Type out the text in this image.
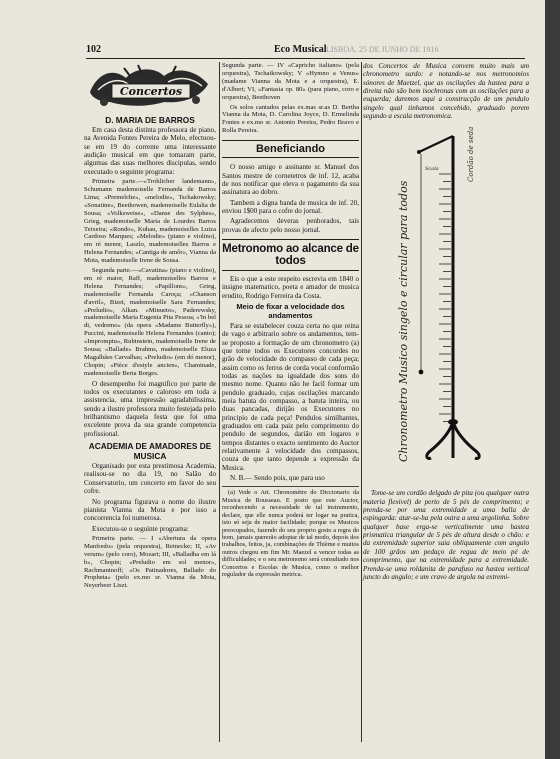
102	Eco Musical LISBOA, 25 DE JUNHO DE 1916
Concertos
D. MARIA DE BARROS

Em casa desta distinta professora de piano, na Avenida Fontes Pereira de Melo, efectuou-se em 19 do corrente uma interessante audição musical em que tomaram parte, algumas das suas melhores discipulas, sendo executado o seguinte programa:

Primeira parte.—«Trohlicher landemann», Schumann mademoiselle Fernanda de Barros Lima; «Premelche», «melodie», Tschakowsky; «Sonatine», Beethowen, mademoiselle Eulalia de Sousa; «Volksweise», «Danse des Sylphes», Grieg, mademoiselle Maria de Lourdes Barros Teixeira; «Rondo», Kuhau, mademoiselles Luiza Cardoso Marques; «Melodie» (piano e violino), em ré menor, Laszlo, mademoiselles Barros e Helena Fernandes; «Cantiga de amôr», Vianna da Mota, mademoiselle Irene de Sousa.

Segunda parte.—«Cavatina» (piano e violino), em ré maior, Raff, mademoiselles Barros e Helena Fernandes; «Papillons», Grieg, mademoiselle Fernanda Caroça; «Chanson d'avril», Bizet, mademoiselle Sara Fernandes; «Preludio», Alkan. «Minueto», Paderewsky, mademoiselle Maria Eugenia Pita Pessoa; «'In bel di, vedremo» (da opera «Madame Butterfly»), Puccini, mademoiselle Helena Fernandes (canto); «Impromptu», Rubinstein, mademoiselle Irene de Sousa; «Ballade» Brahms, mademoiselle Eluza Magalhães Carvalhas; «Preludio» (em dó menor), Chopin; «Pièce d'estyle ancien», Chaminade, mademoiselle Berta Borges.

O desempenho foi magnifico por parte de todos os executantes e caloroso em toda a assistencia, uma impressão agradabilissima, sendo a ilustre professora muito festejada pelo brilhantismo daquela festa que foi uma excelente prova da sua grande competencia profissional.

ACADEMIA DE AMADORES DE MUSICA

Organisado por esta prestimosa Academia, realisou-se no dia 19, no Salão do Conservatorio, um concerto em favor do seu cofre.

No programa figurava o nome do ilustre pianista Vianna da Mota e por isso a concorrencia foi numerosa.

Executou-se o seguinte programa:

Primeira parte. — I «Abertura da opera Manfredo» (pela orquestra), Reinecke; II, «Av verum» (pelo coro), Mozart; III, «Balladha em lá b», Chopin; «Preludio em sol menor», Rachmaninoff; «Os Patinadores, Ballado do Propheta» (pelo ex.mo sr. Vianna da Mota, Neyerbeer Liszt.

Segunda parte. — IV «Capricho italiano» (pela orquestra), Tschaikowsky; V «Hymno a Venus» (madame Vianna da Mota e a orquestra), E. d'Albert; VI, «Fantasia op. 80» (para piano, coro e orquestra), Beethoven

Os solos cantados pelas ex.mas sr.as D. Bertha Vianna da Mota, D. Carolina Joyce, D. Ermelinda Fontes e ex.mo sr. Antonio Pereira, Pedro Bravo e Rolla Pereira.

Beneficiando

O nosso amigo e assinante sr. Manuel dos Santos mestre de cornetetros de inf. 12, acaba de nos notificar que eleva o pagamento da sua assinatura ao dobro.

Tambem a digna banda de musica de inf. 20, enviou 1$00 para o cofre do jornal.

Agradecemos deveras penhorados, tais provas de afecto pelo nosso jornal.

Metronomo ao alcance de todos

Eis o que a este respeito escrevia em 1840 o insigne matematico, poeta e amador de musica erudito, Rodrigo Ferreira da Costa.

Meio de fixar a velocidade dos andamentos

Para se estabelecer couza certa no que reina de vago e arbitrario sobre os andamentos, tem-se proposto a formação de um chronometro (a) que torne todos os Executores concordes no grão de velocidade do compasso de cada peça; assim como os ferros de corda vocal conformão todas as nações na igualdade dos sons do mesmo nome. Quanto não he facil formar um pendulo graduado, cujas oscilações marcando meia batuta do compasso, a batuta inteira, ou duas pancadas, dirijão os Executores no principio de cada peça! Pendulos similhantes, graduados em cada paiz pelo comprimento do pendulo de segundos, darião em logares e tempos distantes o exacto sentimento do Auctor relativamente á velocidade dos compassos, couza de que tanto depende a expressão da Musica.

N. B.— Sendo pois, que para uso

(a) Vede o Art. Chronomètre do Diccionario da Musica de Rousseau. E posto que este Auctor, reconhecendo a necessidade de tal instrumento, declare, que elle nunca poderá ter logar na pratica, isto só seja de maior facilidade; porque os Musicos preocupados, fazendo do seu proprio gosto a regra do bom, jamais quererão adoptar de tal modo, depois dos trabalhos, feitos, ja, combinações de Thième e muitos outros chegou em fim Mr. Maezel a vencer todas as difficuldades; e o seu metronomo será consultado nos Concertos e Escolas de Musica, como o melhor regulador da expressão metrica.

dos Concertos de Musica convem muito mais um chronometro surdo: e notando-se nos metronomios sónores de Maetzel, que as oscilações da hastea para a direita não são bem isochronas com as oscilações para a esquerda; daremos aqui a construcção de um pendulo singelo qual tinhamos concebido, graduado porem segundo a escala metronomica.

Chronometro Musico singelo e circular para todos
Cordão de seda
Scala

Tome-se um cordão delgado de pita (ou qualquer outra materia flexivel) de perto de 5 pés de comprimento; e prenda-se por uma extremidade a uma balla de espingarda: atar-se-ha pela outra a uma argolinha. Sobre qualquer base erga-se verticalmente uma hastea prismatica triangular de 5 pés de altura desde o chão: e da extremidade superior saia obliquamente com angulo de 100 grãos um pedaço de regua de meio pé de comprimento, que na extremidade para a extremidade. Prenda-se uma roldanita de parafuso na hastea vertical juncto do angulo; e um cravo de argola na extremi-
